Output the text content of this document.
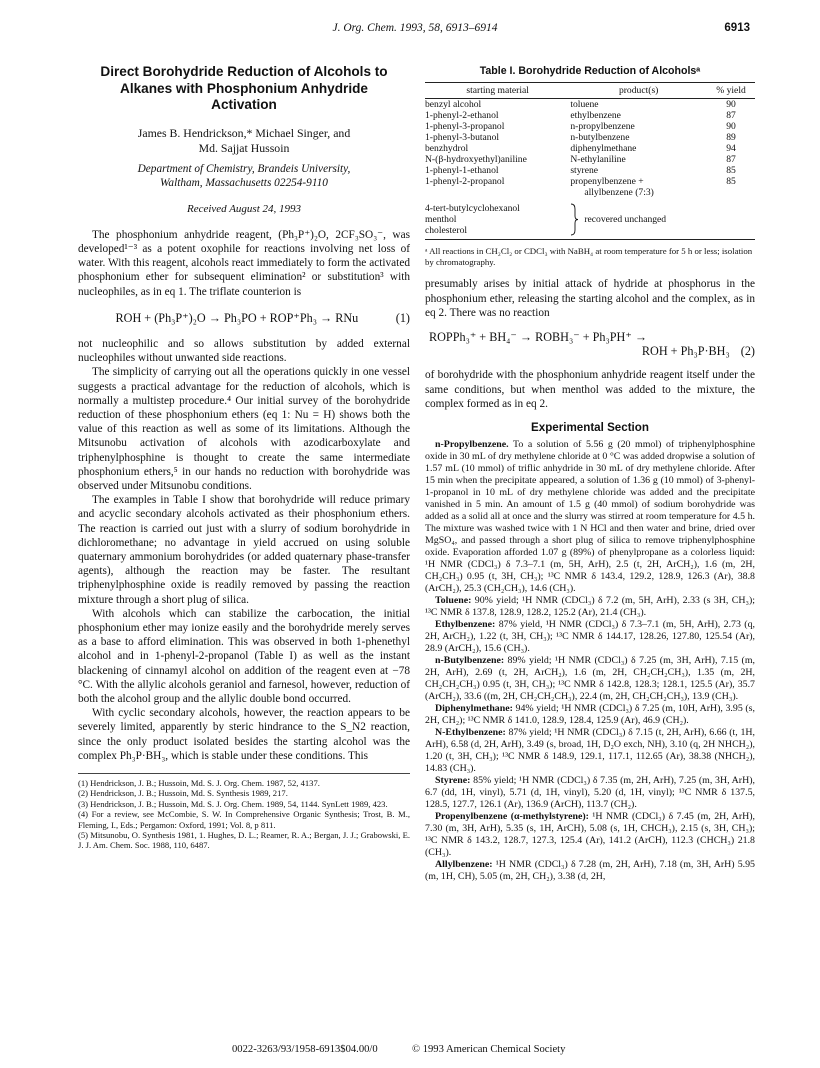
J. Org. Chem. 1993, 58, 6913–6914	6913
Direct Borohydride Reduction of Alcohols to Alkanes with Phosphonium Anhydride Activation
James B. Hendrickson,* Michael Singer, and
Md. Sajjat Hussoin
Department of Chemistry, Brandeis University,
Waltham, Massachusetts 02254-9110
Received August 24, 1993

The phosphonium anhydride reagent, (Ph₃P⁺)₂O, 2CF₃SO₃⁻, was developed¹⁻³ as a potent oxophile for reactions involving net loss of water. With this reagent, alcohols react immediately to form the activated phosphonium ether for subsequent elimination² or substitution³ with nucleophiles, as in eq 1. The triflate counterion is

ROH + (Ph₃P⁺)₂O → Ph₃PO + ROP⁺Ph₃ → RNu	(1)

not nucleophilic and so allows substitution by added external nucleophiles without unwanted side reactions.

The simplicity of carrying out all the operations quickly in one vessel suggests a practical advantage for the reduction of alcohols, which is normally a multistep procedure.⁴ Our initial survey of the borohydride reduction of these phosphonium ethers (eq 1: Nu = H) shows both the value of this reaction as well as some of its limitations. Although the Mitsunobu activation of alcohols with azodicarboxylate and triphenylphosphine is thought to create the same intermediate phosphonium ethers,⁵ in our hands no reduction with borohydride was observed under Mitsunobu conditions.

The examples in Table I show that borohydride will reduce primary and acyclic secondary alcohols activated as their phosphonium ethers. The reaction is carried out just with a slurry of sodium borohydride in dichloromethane; no advantage in yield accrued on using soluble quaternary ammonium borohydrides (or added quaternary phase-transfer agents), although the reaction may be faster. The resultant triphenylphosphine oxide is readily removed by passing the reaction mixture through a short plug of silica.

With alcohols which can stabilize the carbocation, the initial phosphonium ether may ionize easily and the borohydride merely serves as a base to afford elimination. This was observed in both 1-phenethyl alcohol and in 1-phenyl-2-propanol (Table I) as well as the instant blackening of cinnamyl alcohol on addition of the reagent even at −78 °C. With the allylic alcohols geraniol and farnesol, however, reduction of both the alcohol group and the allylic double bond occurred.

With cyclic secondary alcohols, however, the reaction appears to be severely limited, apparently by steric hindrance to the S_N2 reaction, since the only product isolated besides the starting alcohol was the complex Ph₃P·BH₃, which is stable under these conditions. This

(1) Hendrickson, J. B.; Hussoin, Md. S. J. Org. Chem. 1987, 52, 4137.
(2) Hendrickson, J. B.; Hussoin, Md. S. Synthesis 1989, 217.
(3) Hendrickson, J. B.; Hussoin, Md. S. J. Org. Chem. 1989, 54, 1144. SynLett 1989, 423.
(4) For a review, see McCombie, S. W. In Comprehensive Organic Synthesis; Trost, B. M., Fleming, I., Eds.; Pergamon: Oxford, 1991; Vol. 8, p 811.
(5) Mitsunobu, O. Synthesis 1981, 1. Hughes, D. L.; Reamer, R. A.; Bergan, J. J.; Grabowski, E. J. J. Am. Chem. Soc. 1988, 110, 6487.
Table I. Borohydride Reduction of Alcoholsᵃ
starting material	product(s)	% yield
benzyl alcohol	toluene	90
1-phenyl-2-ethanol	ethylbenzene	87
1-phenyl-3-propanol	n-propylbenzene	90
1-phenyl-3-butanol	n-butylbenzene	89
benzhydrol	diphenylmethane	94
N-(β-hydroxyethyl)aniline	N-ethylaniline	87
1-phenyl-1-ethanol	styrene	85
1-phenyl-2-propanol	propenylbenzene +	85
	allylbenzene (7:3)	

4-tert-butylcyclohexanol
menthol
cholesterol	recovered unchanged	

ᵃ All reactions in CH₂Cl₂ or CDCl₃ with NaBH₄ at room temperature for 5 h or less; isolation by chromatography.

presumably arises by initial attack of hydride at phosphorus in the phosphonium ether, releasing the starting alcohol and the complex, as in eq 2. There was no reaction

ROPPh₃⁺ + BH₄⁻ → ROBH₃⁻ + Ph₃PH⁺ →
ROH + Ph₃P·BH₃ (2)

of borohydride with the phosphonium anhydride reagent itself under the same conditions, but when menthol was added to the mixture, the complex formed as in eq 2.

Experimental Section

n-Propylbenzene. To a solution of 5.56 g (20 mmol) of triphenylphosphine oxide in 30 mL of dry methylene chloride at 0 °C was added dropwise a solution of 1.57 mL (10 mmol) of triflic anhydride in 30 mL of dry methylene chloride. After 15 min when the precipitate appeared, a solution of 1.36 g (10 mmol) of 3-phenyl-1-propanol in 10 mL of dry methylene chloride was added and the precipitate vanished in 5 min. An amount of 1.5 g (40 mmol) of sodium borohydride was added as a solid all at once and the slurry was stirred at room temperature for 4.5 h. The mixture was washed twice with 1 N HCl and then water and brine, dried over MgSO₄, and passed through a short plug of silica to remove triphenylphosphine oxide. Evaporation afforded 1.07 g (89%) of phenylpropane as a colorless liquid: ¹H NMR (CDCl₃) δ 7.3–7.1 (m, 5H, ArH), 2.5 (t, 2H, ArCH₂), 1.6 (m, 2H, CH₂CH₃) 0.95 (t, 3H, CH₃); ¹³C NMR δ 143.4, 129.2, 128.9, 126.3 (Ar), 38.8 (ArCH₂), 25.3 (CH₂CH₃), 14.6 (CH₃).

Toluene: 90% yield; ¹H NMR (CDCl₃) δ 7.2 (m, 5H, ArH), 2.33 (s 3H, CH₃); ¹³C NMR δ 137.8, 128.9, 128.2, 125.2 (Ar), 21.4 (CH₃).

Ethylbenzene: 87% yield, ¹H NMR (CDCl₃) δ 7.3–7.1 (m, 5H, ArH), 2.73 (q, 2H, ArCH₂), 1.22 (t, 3H, CH₃); ¹³C NMR δ 144.17, 128.26, 127.80, 125.54 (Ar), 28.9 (ArCH₂), 15.6 (CH₃).

n-Butylbenzene: 89% yield; ¹H NMR (CDCl₃) δ 7.25 (m, 3H, ArH), 7.15 (m, 2H, ArH), 2.69 (t, 2H, ArCH₂), 1.6 (m, 2H, CH₂CH₂CH₃), 1.35 (m, 2H, CH₂CH₂CH₃) 0.95 (t, 3H, CH₃); ¹³C NMR δ 142.8, 128.3; 128.1, 125.5 (Ar), 35.7 (ArCH₂), 33.6 ((m, 2H, CH₂CH₂CH₃), 22.4 (m, 2H, CH₂CH₂CH₃), 13.9 (CH₃).

Diphenylmethane: 94% yield; ¹H NMR (CDCl₃) δ 7.25 (m, 10H, ArH), 3.95 (s, 2H, CH₂); ¹³C NMR δ 141.0, 128.9, 128.4, 125.9 (Ar), 46.9 (CH₂).

N-Ethylbenzene: 87% yield; ¹H NMR (CDCl₃) δ 7.15 (t, 2H, ArH), 6.66 (t, 1H, ArH), 6.58 (d, 2H, ArH), 3.49 (s, broad, 1H, D₂O exch, NH), 3.10 (q, 2H NHCH₂), 1.20 (t, 3H, CH₃); ¹³C NMR δ 148.9, 129.1, 117.1, 112.65 (Ar), 38.38 (NHCH₂), 14.83 (CH₃).

Styrene: 85% yield; ¹H NMR (CDCl₃) δ 7.35 (m, 2H, ArH), 7.25 (m, 3H, ArH), 6.7 (dd, 1H, vinyl), 5.71 (d, 1H, vinyl), 5.20 (d, 1H, vinyl); ¹³C NMR δ 137.5, 128.5, 127.7, 126.1 (Ar), 136.9 (ArCH), 113.7 (CH₂).

Propenylbenzene (α-methylstyrene): ¹H NMR (CDCl₃) δ 7.45 (m, 2H, ArH), 7.30 (m, 3H, ArH), 5.35 (s, 1H, ArCH), 5.08 (s, 1H, CHCH₃), 2.15 (s, 3H, CH₃); ¹³C NMR δ 143.2, 128.7, 127.3, 125.4 (Ar), 141.2 (ArCH), 112.3 (CHCH₃) 21.8 (CH₃).

Allylbenzene: ¹H NMR (CDCl₃) δ 7.28 (m, 2H, ArH), 7.18 (m, 3H, ArH) 5.95 (m, 1H, CH), 5.05 (m, 2H, CH₂), 3.38 (d, 2H,

0022-3263/93/1958-6913$04.00/0	© 1993 American Chemical Society
